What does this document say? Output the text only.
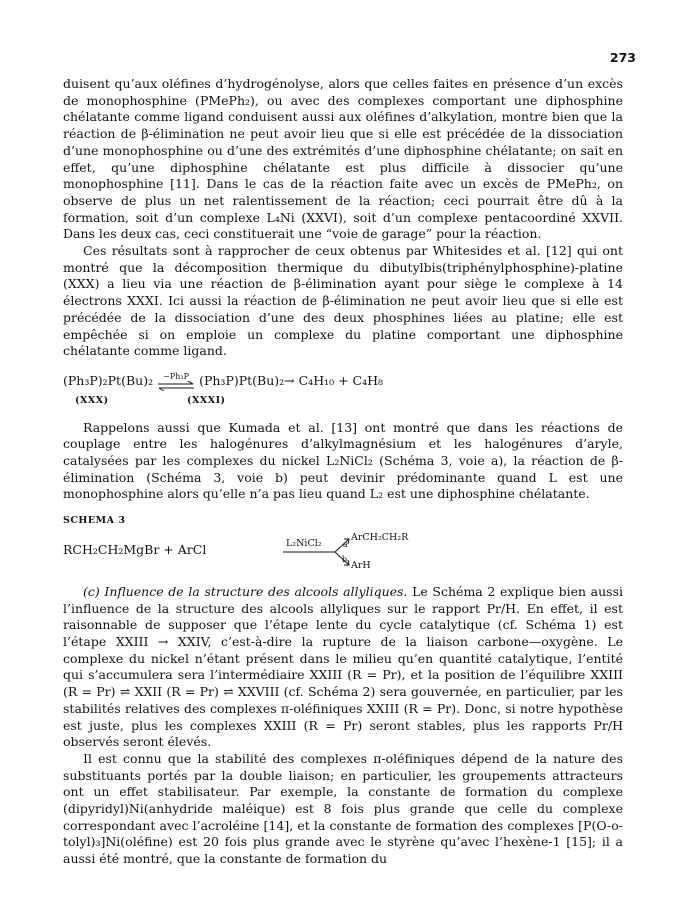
273

duisent qu’aux oléfines d’hydrogénolyse, alors que celles faites en présence d’un excès de monophosphine (PMePh₂), ou avec des complexes comportant une diphosphine chélatante comme ligand conduisent aussi aux oléfines d’alkylation, montre bien que la réaction de β-élimination ne peut avoir lieu que si elle est précédée de la dissociation d’une monophosphine ou d’une des extrémités d’une diphosphine chélatante; on sait en effet, qu’une diphosphine chélatante est plus difficile à dissocier qu’une monophosphine [11]. Dans le cas de la réaction faite avec un excès de PMePh₂, on observe de plus un net ralentissement de la réaction; ceci pourrait être dû à la formation, soit d’un complexe L₄Ni (XXVI), soit d’un complexe pentacoordiné XXVII. Dans les deux cas, ceci constituerait une “voie de garage” pour la réaction.

Ces résultats sont à rapprocher de ceux obtenus par Whitesides et al. [12] qui ont montré que la décomposition thermique du dibutylbis(triphénylphosphine)-platine (XXX) a lieu via une réaction de β-élimination ayant pour siège le complexe à 14 électrons XXXI. Ici aussi la réaction de β-élimination ne peut avoir lieu que si elle est précédée de la dissociation d’une des deux phosphines liées au platine; elle est empêchée si on emploie un complexe du platine comportant une diphosphine chélatante comme ligand.

(Ph₃P)₂Pt(Bu)₂ −Ph₃P (Ph₃P)Pt(Bu)₂ → C₄H₁₀ + C₄H₈
(XXX)	(XXXI)

Rappelons aussi que Kumada et al. [13] ont montré que dans les réactions de couplage entre les halogénures d’alkylmagnésium et les halogénures d’aryle, catalysées par les complexes du nickel L₂NiCl₂ (Schéma 3, voie a), la réaction de β-élimination (Schéma 3, voie b) peut devinir prédominante quand L est une monophosphine alors qu’elle n’a pas lieu quand L₂ est une diphosphine chélatante.

SCHEMA 3
RCH₂CH₂MgBr + ArCl	L₂NiCl₂	a
b
ArCH₂CH₂R
ArH

(c) Influence de la structure des alcools allyliques. Le Schéma 2 explique bien aussi l’influence de la structure des alcools allyliques sur le rapport Pr/H. En effet, il est raisonnable de supposer que l’étape lente du cycle catalytique (cf. Schéma 1) est l’étape XXIII → XXIV, c’est-à-dire la rupture de la liaison carbone—oxygène. Le complexe du nickel n’étant présent dans le milieu qu’en quantité catalytique, l’entité qui s’accumulera sera l’intermédiaire XXIII (R = Pr), et la position de l’équilibre XXIII (R = Pr) ⇌ XXII (R = Pr) ⇌ XXVIII (cf. Schéma 2) sera gouvernée, en particulier, par les stabilités relatives des complexes π-oléfiniques XXIII (R = Pr). Donc, si notre hypothèse est juste, plus les complexes XXIII (R = Pr) seront stables, plus les rapports Pr/H observés seront élevés.

Il est connu que la stabilité des complexes π-oléfiniques dépend de la nature des substituants portés par la double liaison; en particulier, les groupements attracteurs ont un effet stabilisateur. Par exemple, la constante de formation du complexe (dipyridyl)Ni(anhydride maléique) est 8 fois plus grande que celle du complexe correspondant avec l’acroléine [14], et la constante de formation des complexes [P(O-o-tolyl)₃]Ni(oléfine) est 20 fois plus grande avec le styrène qu’avec l’hexène-1 [15]; il a aussi été montré, que la constante de formation du
